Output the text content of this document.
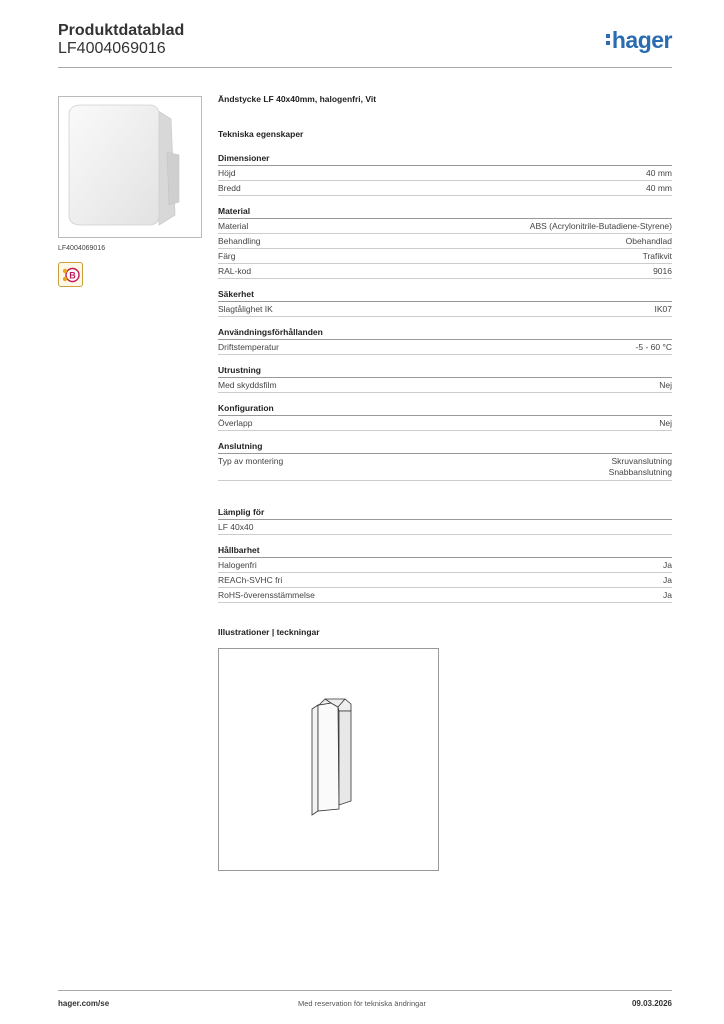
Produktdatablad
LF4004069016	hager
LF4004069016
B
Ändstycke LF 40x40mm, halogenfri, Vit
Tekniska egenskaper
Dimensioner
Höjd	40 mm
Bredd	40 mm
Material
Material	ABS (Acrylonitrile-Butadiene-Styrene)
Behandling	Obehandlad
Färg	Trafikvit
RAL-kod	9016
Säkerhet
Slagtålighet IK	IK07
Användningsförhållanden
Driftstemperatur	-5 - 60 °C
Utrustning
Med skyddsfilm	Nej
Konfiguration
Överlapp	Nej
Anslutning
Typ av montering	Skruvanslutning
Snabbanslutning
Lämplig för
LF 40x40
Hållbarhet
Halogenfri	Ja
REACh-SVHC fri	Ja
RoHS-överensstämmelse	Ja
Illustrationer | teckningar
hager.com/se	Med reservation för tekniska ändringar	09.03.2026
